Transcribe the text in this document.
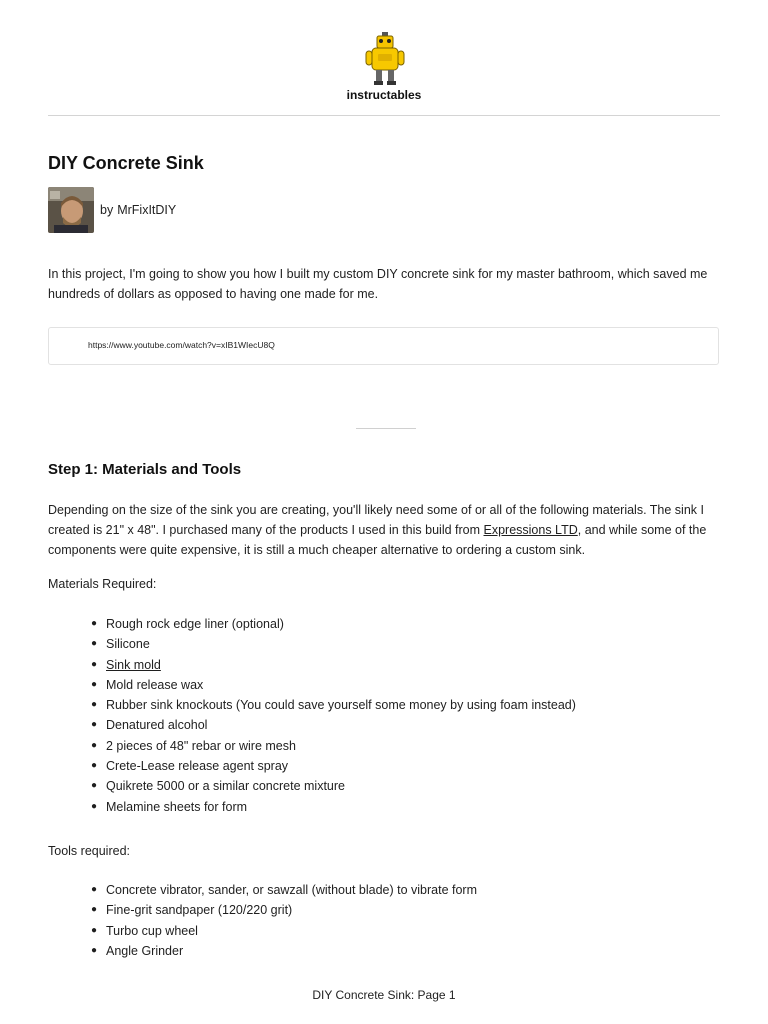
instructables
DIY Concrete Sink
by MrFixItDIY

In this project, I'm going to show you how I built my custom DIY concrete sink for my master bathroom, which saved me hundreds of dollars as opposed to having one made for me.

https://www.youtube.com/watch?v=xIB1WIecU8Q
Step 1: Materials and Tools

Depending on the size of the sink you are creating, you'll likely need some of or all of the following materials. The sink I created is 21" x 48". I purchased many of the products I used in this build from Expressions LTD, and while some of the components were quite expensive, it is still a much cheaper alternative to ordering a custom sink.

Materials Required:
● Rough rock edge liner (optional)
● Silicone
● Sink mold
● Mold release wax
● Rubber sink knockouts (You could save yourself some money by using foam instead)
● Denatured alcohol
● 2 pieces of 48" rebar or wire mesh
● Crete-Lease release agent spray
● Quikrete 5000 or a similar concrete mixture
● Melamine sheets for form
Tools required:
● Concrete vibrator, sander, or sawzall (without blade) to vibrate form
● Fine-grit sandpaper (120/220 grit)
● Turbo cup wheel
● Angle Grinder
DIY Concrete Sink: Page 1
